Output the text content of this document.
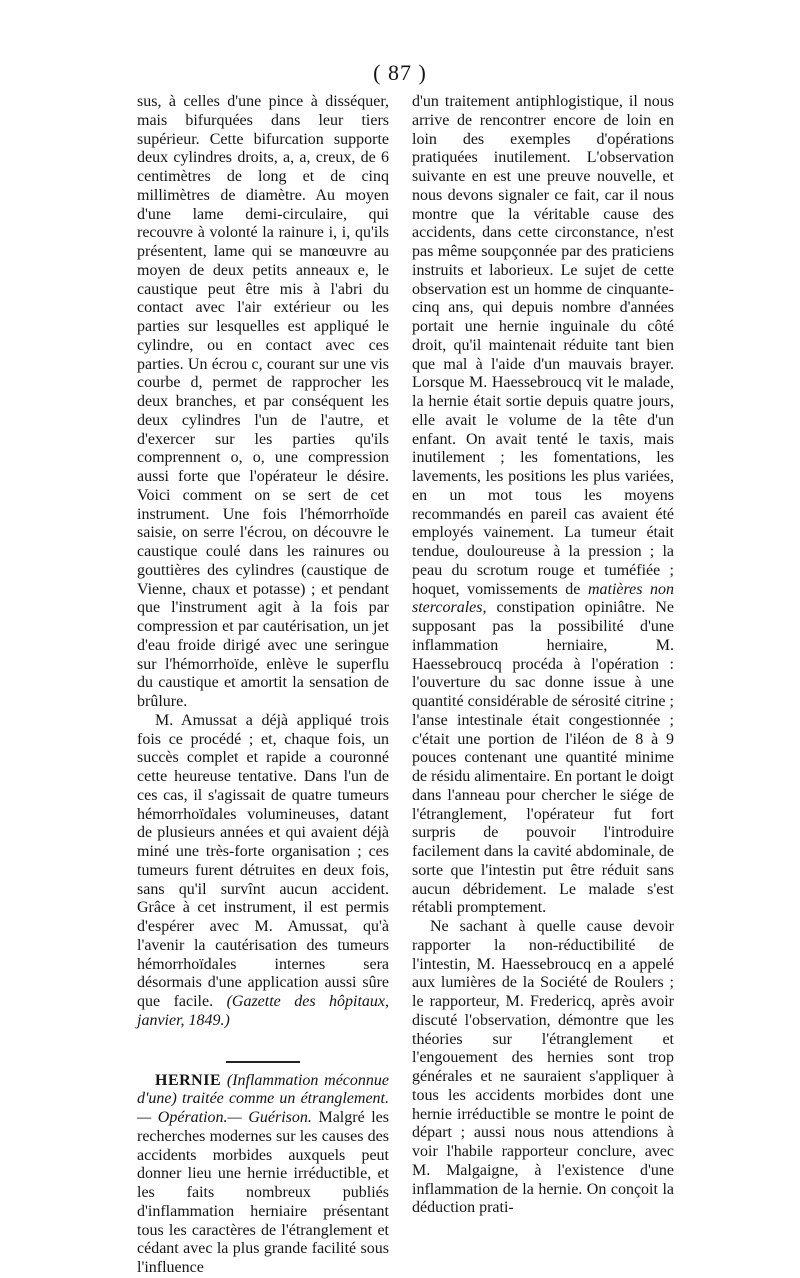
( 87 )

sus, à celles d'une pince à disséquer, mais bifurquées dans leur tiers supérieur. Cette bifurcation supporte deux cylindres droits, a, a, creux, de 6 centimètres de long et de cinq millimètres de diamètre. Au moyen d'une lame demi-circulaire, qui recouvre à volonté la rainure i, i, qu'ils présentent, lame qui se manœuvre au moyen de deux petits anneaux e, le caustique peut être mis à l'abri du contact avec l'air extérieur ou les parties sur lesquelles est appliqué le cylindre, ou en contact avec ces parties. Un écrou c, courant sur une vis courbe d, permet de rapprocher les deux branches, et par conséquent les deux cylindres l'un de l'autre, et d'exercer sur les parties qu'ils comprennent o, o, une compression aussi forte que l'opérateur le désire. Voici comment on se sert de cet instrument. Une fois l'hémorrhoïde saisie, on serre l'écrou, on découvre le caustique coulé dans les rainures ou gouttières des cylindres (caustique de Vienne, chaux et potasse) ; et pendant que l'instrument agit à la fois par compression et par cautérisation, un jet d'eau froide dirigé avec une seringue sur l'hémorrhoïde, enlève le superflu du caustique et amortit la sensation de brûlure.

M. Amussat a déjà appliqué trois fois ce procédé ; et, chaque fois, un succès complet et rapide a couronné cette heureuse tentative. Dans l'un de ces cas, il s'agissait de quatre tumeurs hémorrhoïdales volumineuses, datant de plusieurs années et qui avaient déjà miné une très-forte organisation ; ces tumeurs furent détruites en deux fois, sans qu'il survînt aucun accident. Grâce à cet instrument, il est permis d'espérer avec M. Amussat, qu'à l'avenir la cautérisation des tumeurs hémorrhoïdales internes sera désormais d'une application aussi sûre que facile. (Gazette des hôpitaux, janvier, 1849.)

HERNIE (Inflammation méconnue d'une) traitée comme un étranglement.— Opération.— Guérison. Malgré les recherches modernes sur les causes des accidents morbides auxquels peut donner lieu une hernie irréductible, et les faits nombreux publiés d'inflammation herniaire présentant tous les caractères de l'étranglement et cédant avec la plus grande facilité sous l'influence

d'un traitement antiphlogistique, il nous arrive de rencontrer encore de loin en loin des exemples d'opérations pratiquées inutilement. L'observation suivante en est une preuve nouvelle, et nous devons signaler ce fait, car il nous montre que la véritable cause des accidents, dans cette circonstance, n'est pas même soupçonnée par des praticiens instruits et laborieux. Le sujet de cette observation est un homme de cinquante-cinq ans, qui depuis nombre d'années portait une hernie inguinale du côté droit, qu'il maintenait réduite tant bien que mal à l'aide d'un mauvais brayer. Lorsque M. Haessebroucq vit le malade, la hernie était sortie depuis quatre jours, elle avait le volume de la tête d'un enfant. On avait tenté le taxis, mais inutilement ; les fomentations, les lavements, les positions les plus variées, en un mot tous les moyens recommandés en pareil cas avaient été employés vainement. La tumeur était tendue, douloureuse à la pression ; la peau du scrotum rouge et tuméfiée ; hoquet, vomissements de matières non stercorales, constipation opiniâtre. Ne supposant pas la possibilité d'une inflammation herniaire, M. Haessebroucq procéda à l'opération : l'ouverture du sac donne issue à une quantité considérable de sérosité citrine ; l'anse intestinale était congestionnée ; c'était une portion de l'iléon de 8 à 9 pouces contenant une quantité minime de résidu alimentaire. En portant le doigt dans l'anneau pour chercher le siége de l'étranglement, l'opérateur fut fort surpris de pouvoir l'introduire facilement dans la cavité abdominale, de sorte que l'intestin put être réduit sans aucun débridement. Le malade s'est rétabli promptement.

Ne sachant à quelle cause devoir rapporter la non-réductibilité de l'intestin, M. Haessebroucq en a appelé aux lumières de la Société de Roulers ; le rapporteur, M. Fredericq, après avoir discuté l'observation, démontre que les théories sur l'étranglement et l'engouement des hernies sont trop générales et ne sauraient s'appliquer à tous les accidents morbides dont une hernie irréductible se montre le point de départ ; aussi nous nous attendions à voir l'habile rapporteur conclure, avec M. Malgaigne, à l'existence d'une inflammation de la hernie. On conçoit la déduction prati-
